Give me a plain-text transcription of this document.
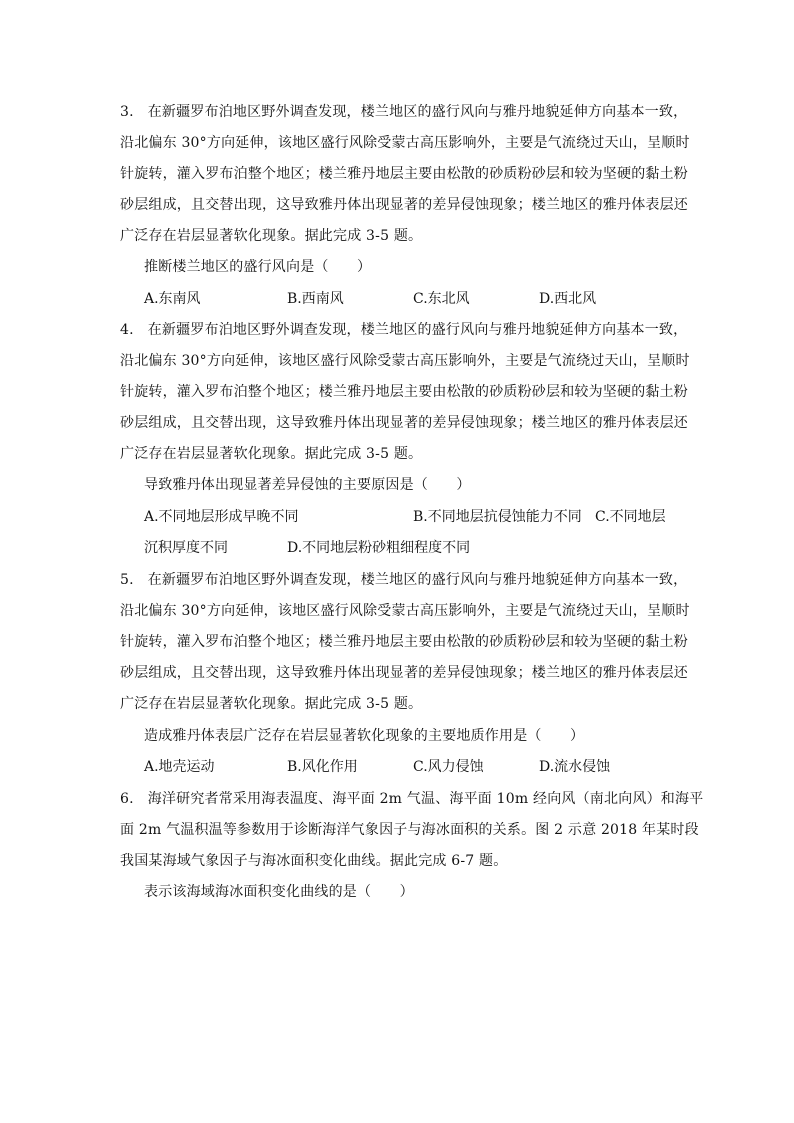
3. 在新疆罗布泊地区野外调查发现，楼兰地区的盛行风向与雅丹地貌延伸方向基本一致，
沿北偏东 30°方向延伸，该地区盛行风除受蒙古高压影响外，主要是气流绕过天山，呈顺时
针旋转，灌入罗布泊整个地区；楼兰雅丹地层主要由松散的砂质粉砂层和较为坚硬的黏土粉
砂层组成，且交替出现，这导致雅丹体出现显著的差异侵蚀现象；楼兰地区的雅丹体表层还
广泛存在岩层显著软化现象。据此完成 3-5 题。
推断楼兰地区的盛行风向是（　　）
A.东南风	B.西南风	C.东北风	D.西北风
4. 在新疆罗布泊地区野外调查发现，楼兰地区的盛行风向与雅丹地貌延伸方向基本一致，
沿北偏东 30°方向延伸，该地区盛行风除受蒙古高压影响外，主要是气流绕过天山，呈顺时
针旋转，灌入罗布泊整个地区；楼兰雅丹地层主要由松散的砂质粉砂层和较为坚硬的黏土粉
砂层组成，且交替出现，这导致雅丹体出现显著的差异侵蚀现象；楼兰地区的雅丹体表层还
广泛存在岩层显著软化现象。据此完成 3-5 题。
导致雅丹体出现显著差异侵蚀的主要原因是（　　）
A.不同地层形成早晚不同	B.不同地层抗侵蚀能力不同 C.不同地层
沉积厚度不同	D.不同地层粉砂粗细程度不同
5. 在新疆罗布泊地区野外调查发现，楼兰地区的盛行风向与雅丹地貌延伸方向基本一致，
沿北偏东 30°方向延伸，该地区盛行风除受蒙古高压影响外，主要是气流绕过天山，呈顺时
针旋转，灌入罗布泊整个地区；楼兰雅丹地层主要由松散的砂质粉砂层和较为坚硬的黏土粉
砂层组成，且交替出现，这导致雅丹体出现显著的差异侵蚀现象；楼兰地区的雅丹体表层还
广泛存在岩层显著软化现象。据此完成 3-5 题。
造成雅丹体表层广泛存在岩层显著软化现象的主要地质作用是（　　）
A.地壳运动	B.风化作用	C.风力侵蚀	D.流水侵蚀
6. 海洋研究者常采用海表温度、海平面 2m 气温、海平面 10m 经向风（南北向风）和海平
面 2m 气温积温等参数用于诊断海洋气象因子与海冰面积的关系。图 2 示意 2018 年某时段
我国某海域气象因子与海冰面积变化曲线。据此完成 6-7 题。
表示该海域海冰面积变化曲线的是（　　）
